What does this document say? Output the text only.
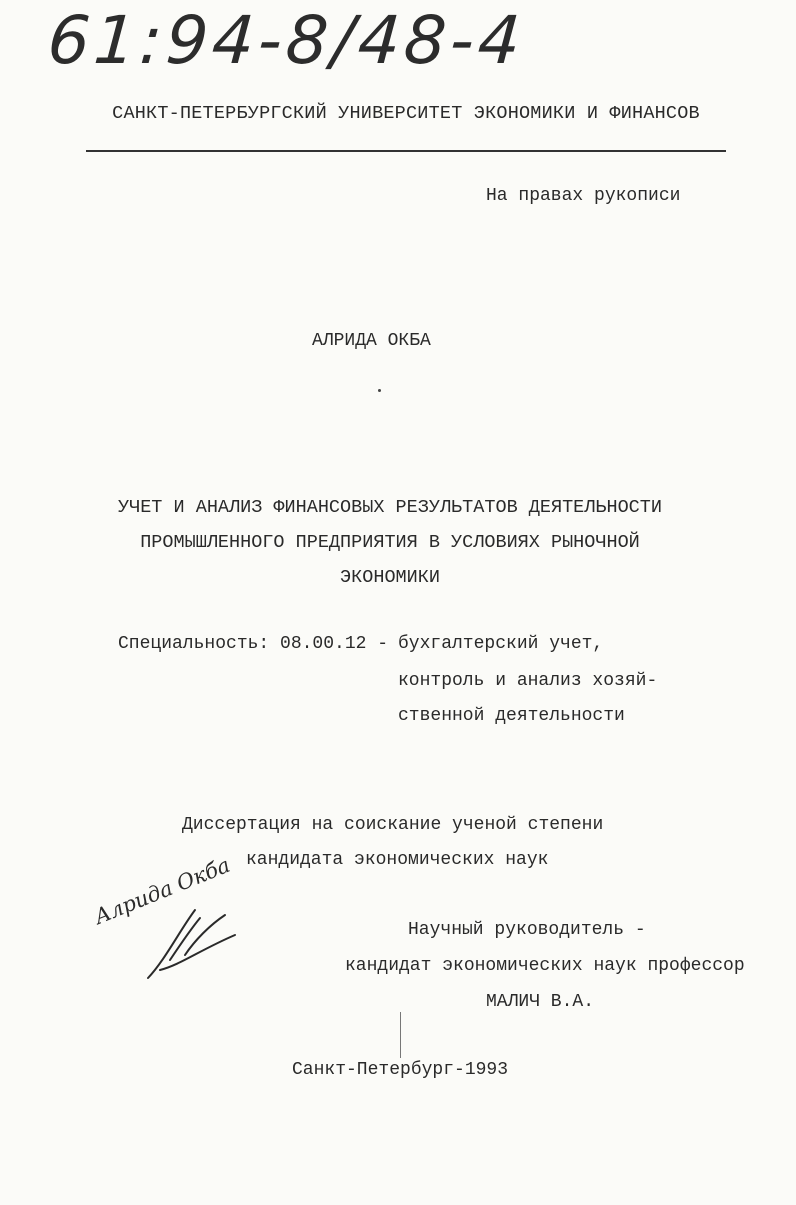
61:94-8/48-4
САНКТ-ПЕТЕРБУРГСКИЙ УНИВЕРСИТЕТ ЭКОНОМИКИ И ФИНАНСОВ
На правах рукописи
АЛРИДА ОКБА
УЧЕТ И АНАЛИЗ ФИНАНСОВЫХ РЕЗУЛЬТАТОВ ДЕЯТЕЛЬНОСТИ
ПРОМЫШЛЕННОГО ПРЕДПРИЯТИЯ В УСЛОВИЯХ РЫНОЧНОЙ
ЭКОНОМИКИ
Специальность: 08.00.12 - бухгалтерский учет,
контроль и анализ хозяй-
ственной деятельности
Диссертация на соискание ученой степени
кандидата экономических наук
Алрида Окба
Научный руководитель -
кандидат экономических наук профессор
МАЛИЧ В.А.
Санкт-Петербург-1993
